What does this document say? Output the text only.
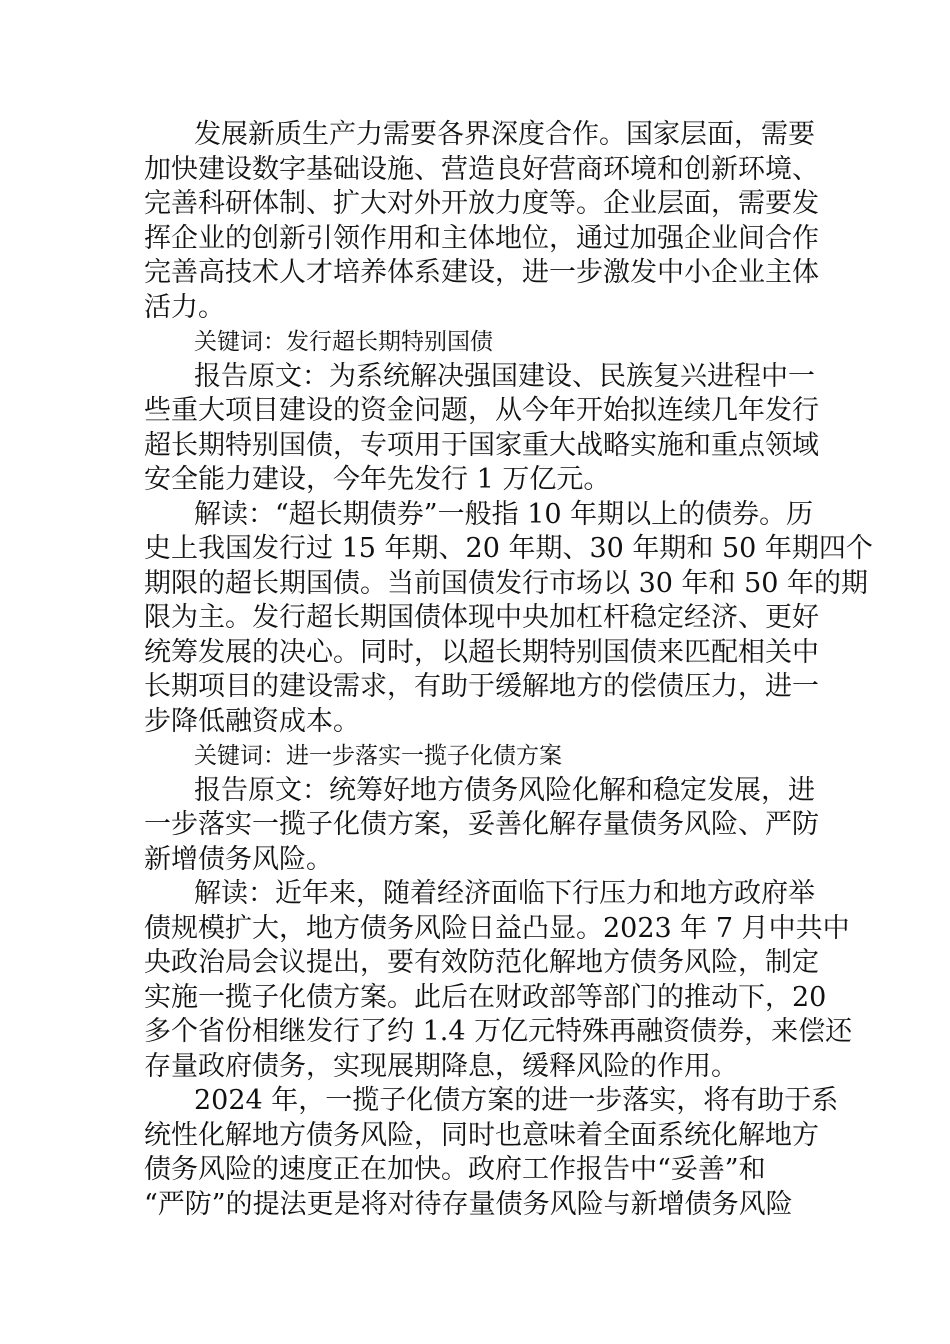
发展新质生产力需要各界深度合作。国家层面，需要
加快建设数字基础设施、营造良好营商环境和创新环境、
完善科研体制、扩大对外开放力度等。企业层面，需要发
挥企业的创新引领作用和主体地位，通过加强企业间合作
完善高技术人才培养体系建设，进一步激发中小企业主体
活力。
关键词：发行超长期特别国债
报告原文：为系统解决强国建设、民族复兴进程中一
些重大项目建设的资金问题，从今年开始拟连续几年发行
超长期特别国债，专项用于国家重大战略实施和重点领域
安全能力建设，今年先发行 1 万亿元。
解读：“超长期债券”一般指 10 年期以上的债券。历
史上我国发行过 15 年期、20 年期、30 年期和 50 年期四个
期限的超长期国债。当前国债发行市场以 30 年和 50 年的期
限为主。发行超长期国债体现中央加杠杆稳定经济、更好
统筹发展的决心。同时，以超长期特别国债来匹配相关中
长期项目的建设需求，有助于缓解地方的偿债压力，进一
步降低融资成本。
关键词：进一步落实一揽子化债方案
报告原文：统筹好地方债务风险化解和稳定发展，进
一步落实一揽子化债方案，妥善化解存量债务风险、严防
新增债务风险。
解读：近年来，随着经济面临下行压力和地方政府举
债规模扩大，地方债务风险日益凸显。2023 年 7 月中共中
央政治局会议提出，要有效防范化解地方债务风险，制定
实施一揽子化债方案。此后在财政部等部门的推动下，20
多个省份相继发行了约 1.4 万亿元特殊再融资债券，来偿还
存量政府债务，实现展期降息，缓释风险的作用。
2024 年，一揽子化债方案的进一步落实，将有助于系
统性化解地方债务风险，同时也意味着全面系统化解地方
债务风险的速度正在加快。政府工作报告中“妥善”和
“严防”的提法更是将对待存量债务风险与新增债务风险
